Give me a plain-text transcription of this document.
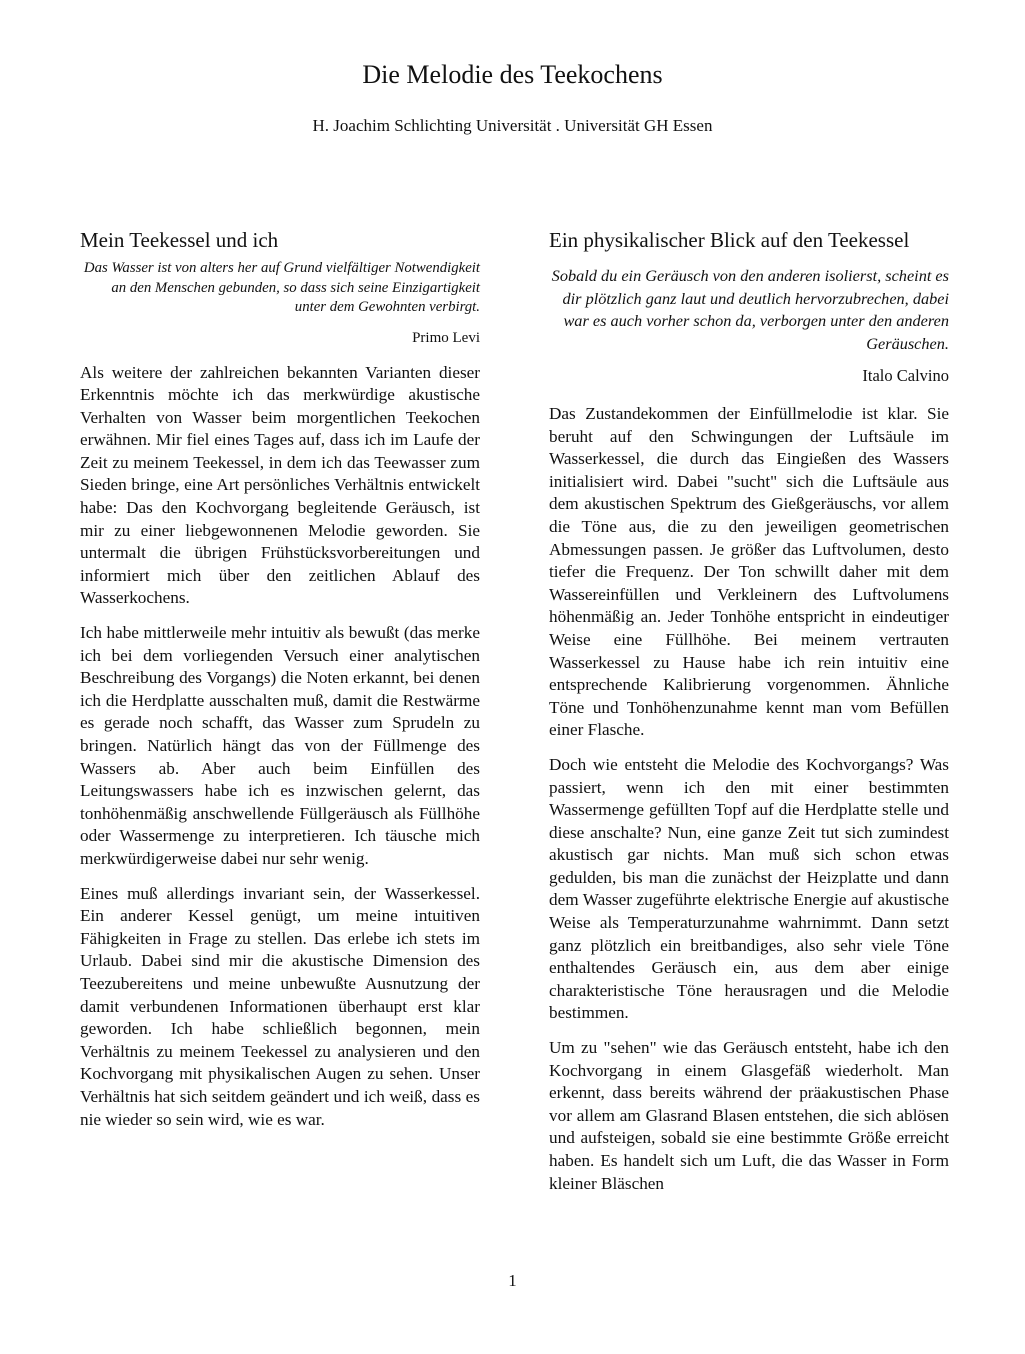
Die Melodie des Teekochens

H. Joachim Schlichting Universität . Universität GH Essen

Mein Teekessel und ich

Das Wasser ist von alters her auf Grund vielfältiger Notwendigkeit an den Menschen gebunden, so dass sich seine Einzigartigkeit unter dem Gewohnten verbirgt.

Primo Levi

Als weitere der zahlreichen bekannten Varianten dieser Erkenntnis möchte ich das merkwürdige akustische Verhalten von Wasser beim morgentlichen Teekochen erwähnen. Mir fiel eines Tages auf, dass ich im Laufe der Zeit zu meinem Teekessel, in dem ich das Teewasser zum Sieden bringe, eine Art persönliches Verhältnis entwickelt habe: Das den Kochvorgang begleitende Geräusch, ist mir zu einer liebgewonnenen Melodie geworden. Sie untermalt die übrigen Frühstücksvorbereitungen und informiert mich über den zeitlichen Ablauf des Wasserkochens.

Ich habe mittlerweile mehr intuitiv als bewußt (das merke ich bei dem vorliegenden Versuch einer analytischen Beschreibung des Vorgangs) die Noten erkannt, bei denen ich die Herdplatte ausschalten muß, damit die Restwärme es gerade noch schafft, das Wasser zum Sprudeln zu bringen. Natürlich hängt das von der Füllmenge des Wassers ab. Aber auch beim Einfüllen des Leitungswassers habe ich es inzwischen gelernt, das tonhöhenmäßig anschwellende Füllgeräusch als Füllhöhe oder Wassermenge zu interpretieren. Ich täusche mich merkwürdigerweise dabei nur sehr wenig.

Eines muß allerdings invariant sein, der Wasserkessel. Ein anderer Kessel genügt, um meine intuitiven Fähigkeiten in Frage zu stellen. Das erlebe ich stets im Urlaub. Dabei sind mir die akustische Dimension des Teezubereitens und meine unbewußte Ausnutzung der damit verbundenen Informationen überhaupt erst klar geworden. Ich habe schließlich begonnen, mein Verhältnis zu meinem Teekessel zu analysieren und den Kochvorgang mit physikalischen Augen zu sehen. Unser Verhältnis hat sich seitdem geändert und ich weiß, dass es nie wieder so sein wird, wie es war.

Ein physikalischer Blick auf den Teekessel

Sobald du ein Geräusch von den anderen isolierst, scheint es dir plötzlich ganz laut und deutlich hervorzubrechen, dabei war es auch vorher schon da, verborgen unter den anderen Geräuschen.

Italo Calvino

Das Zustandekommen der Einfüllmelodie ist klar. Sie beruht auf den Schwingungen der Luftsäule im Wasserkessel, die durch das Eingießen des Wassers initialisiert wird. Dabei "sucht" sich die Luftsäule aus dem akustischen Spektrum des Gießgeräuschs, vor allem die Töne aus, die zu den jeweiligen geometrischen Abmessungen passen. Je größer das Luftvolumen, desto tiefer die Frequenz. Der Ton schwillt daher mit dem Wassereinfüllen und Verkleinern des Luftvolumens höhenmäßig an. Jeder Tonhöhe entspricht in eindeutiger Weise eine Füllhöhe. Bei meinem vertrauten Wasserkessel zu Hause habe ich rein intuitiv eine entsprechende Kalibrierung vorgenommen. Ähnliche Töne und Tonhöhenzunahme kennt man vom Befüllen einer Flasche.

Doch wie entsteht die Melodie des Kochvorgangs? Was passiert, wenn ich den mit einer bestimmten Wassermenge gefüllten Topf auf die Herdplatte stelle und diese anschalte? Nun, eine ganze Zeit tut sich zumindest akustisch gar nichts. Man muß sich schon etwas gedulden, bis man die zunächst der Heizplatte und dann dem Wasser zugeführte elektrische Energie auf akustische Weise als Temperaturzunahme wahrnimmt. Dann setzt ganz plötzlich ein breitbandiges, also sehr viele Töne enthaltendes Geräusch ein, aus dem aber einige charakteristische Töne herausragen und die Melodie bestimmen.

Um zu "sehen" wie das Geräusch entsteht, habe ich den Kochvorgang in einem Glasgefäß wiederholt. Man erkennt, dass bereits während der präakustischen Phase vor allem am Glasrand Blasen entstehen, die sich ablösen und aufsteigen, sobald sie eine bestimmte Größe erreicht haben. Es handelt sich um Luft, die das Wasser in Form kleiner Bläschen

1
